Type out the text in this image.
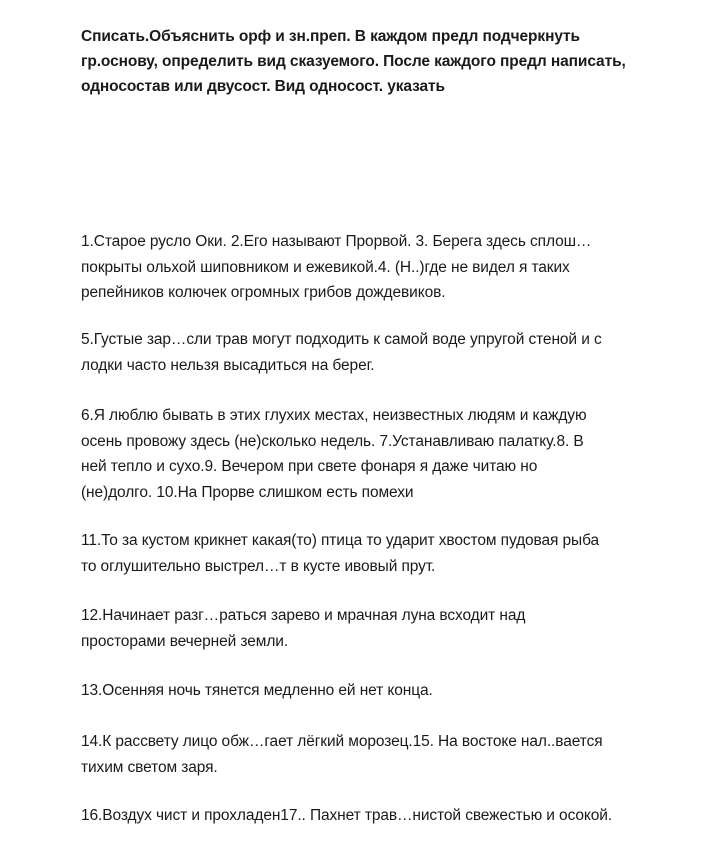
Списать.Объяснить орф и зн.преп. В каждом предл подчеркнуть
гр.основу, определить вид сказуемого. После каждого предл написать,
односостав или двусост. Вид односост. указать
1.Старое русло Оки. 2.Его называют Прорвой. 3. Берега здесь сплош…
покрыты ольхой шиповником и ежевикой.4. (Н..)где не видел я таких
репейников колючек огромных грибов дождевиков.
5.Густые зар…сли трав могут подходить к самой воде упругой стеной и с
лодки часто нельзя высадиться на берег.
6.Я люблю бывать в этих глухих местах, неизвестных людям и каждую
осень провожу здесь (не)сколько недель. 7.Устанавливаю палатку.8. В
ней тепло и сухо.9. Вечером при свете фонаря я даже читаю но
(не)долго. 10.На Прорве слишком есть помехи
11.То за кустом крикнет какая(то) птица то ударит хвостом пудовая рыба
то оглушительно выстрел…т в кусте ивовый прут.
12.Начинает разг…раться зарево и мрачная луна всходит над
просторами вечерней земли.
13.Осенняя ночь тянется медленно ей нет конца.
14.К рассвету лицо обж…гает лёгкий морозец.15. На востоке нал..вается
тихим светом заря.
16.Воздух чист и прохладен17.. Пахнет трав…нистой свежестью и осокой.
